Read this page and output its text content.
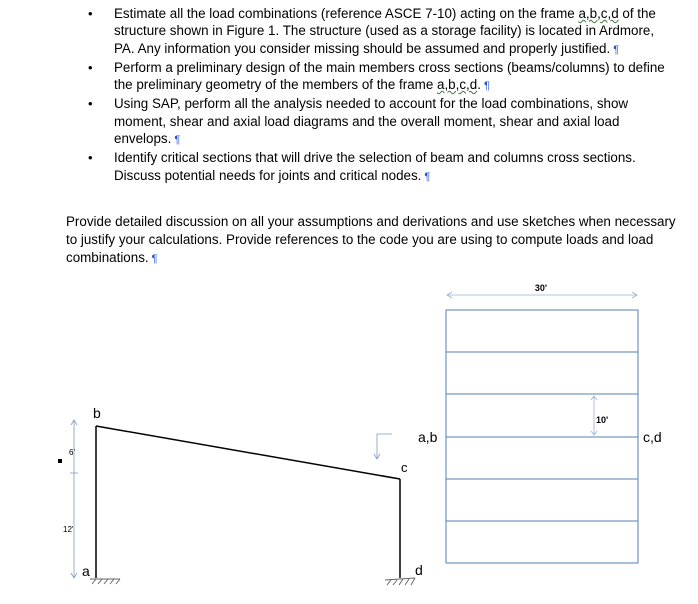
• Estimate all the load combinations (reference ASCE 7-10) acting on the frame a,b,c,d of the structure shown in Figure 1. The structure (used as a storage facility) is located in Ardmore, PA. Any information you consider missing should be assumed and properly justified. ¶
• Perform a preliminary design of the main members cross sections (beams/columns) to define the preliminary geometry of the members of the frame a,b,c,d. ¶
• Using SAP, perform all the analysis needed to account for the load combinations, show moment, shear and axial load diagrams and the overall moment, shear and axial load envelops. ¶
• Identify critical sections that will drive the selection of beam and columns cross sections. Discuss potential needs for joints and critical nodes. ¶

Provide detailed discussion on all your assumptions and derivations and use sketches when necessary to justify your calculations. Provide references to the code you are using to compute loads and load combinations. ¶

6'
12'
b
a
c
d
30'
10'
a,b	c,d
